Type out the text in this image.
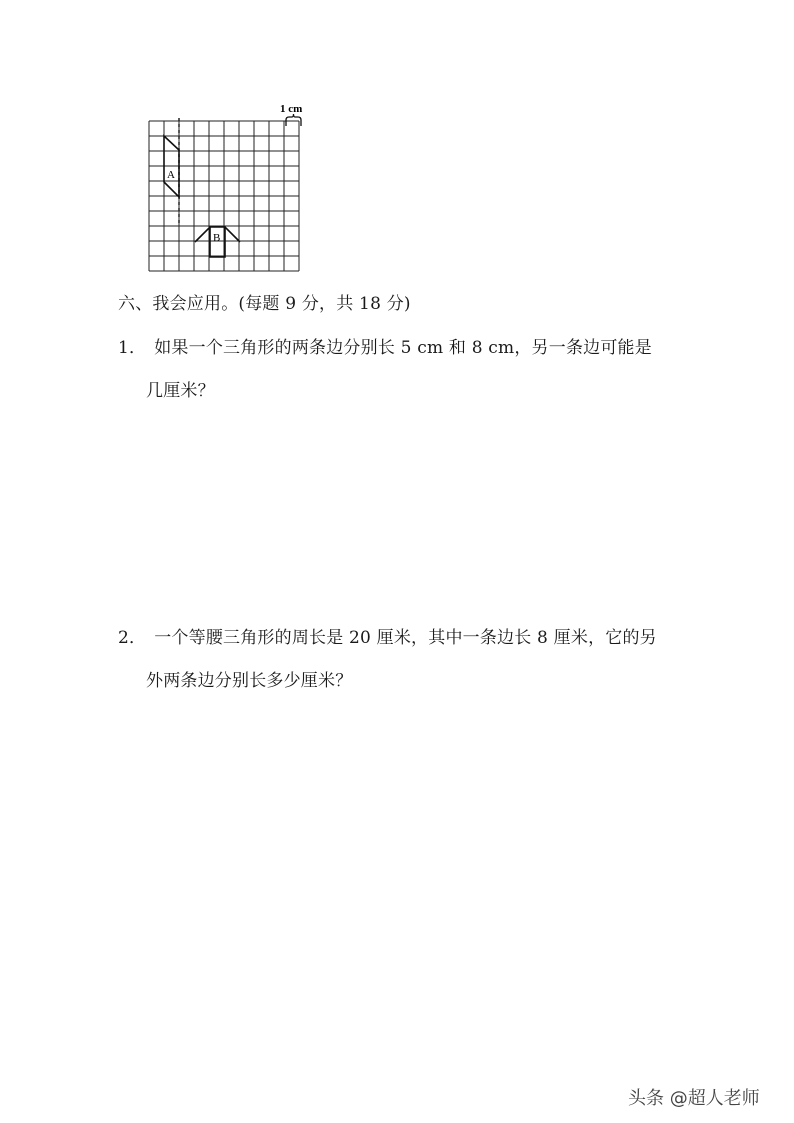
A
B
1 cm
六、我会应用。(每题 9 分，共 18 分)
1． 如果一个三角形的两条边分别长 5 cm 和 8 cm，另一条边可能是
几厘米？
2． 一个等腰三角形的周长是 20 厘米，其中一条边长 8 厘米，它的另
外两条边分别长多少厘米？
头条 @超人老师
